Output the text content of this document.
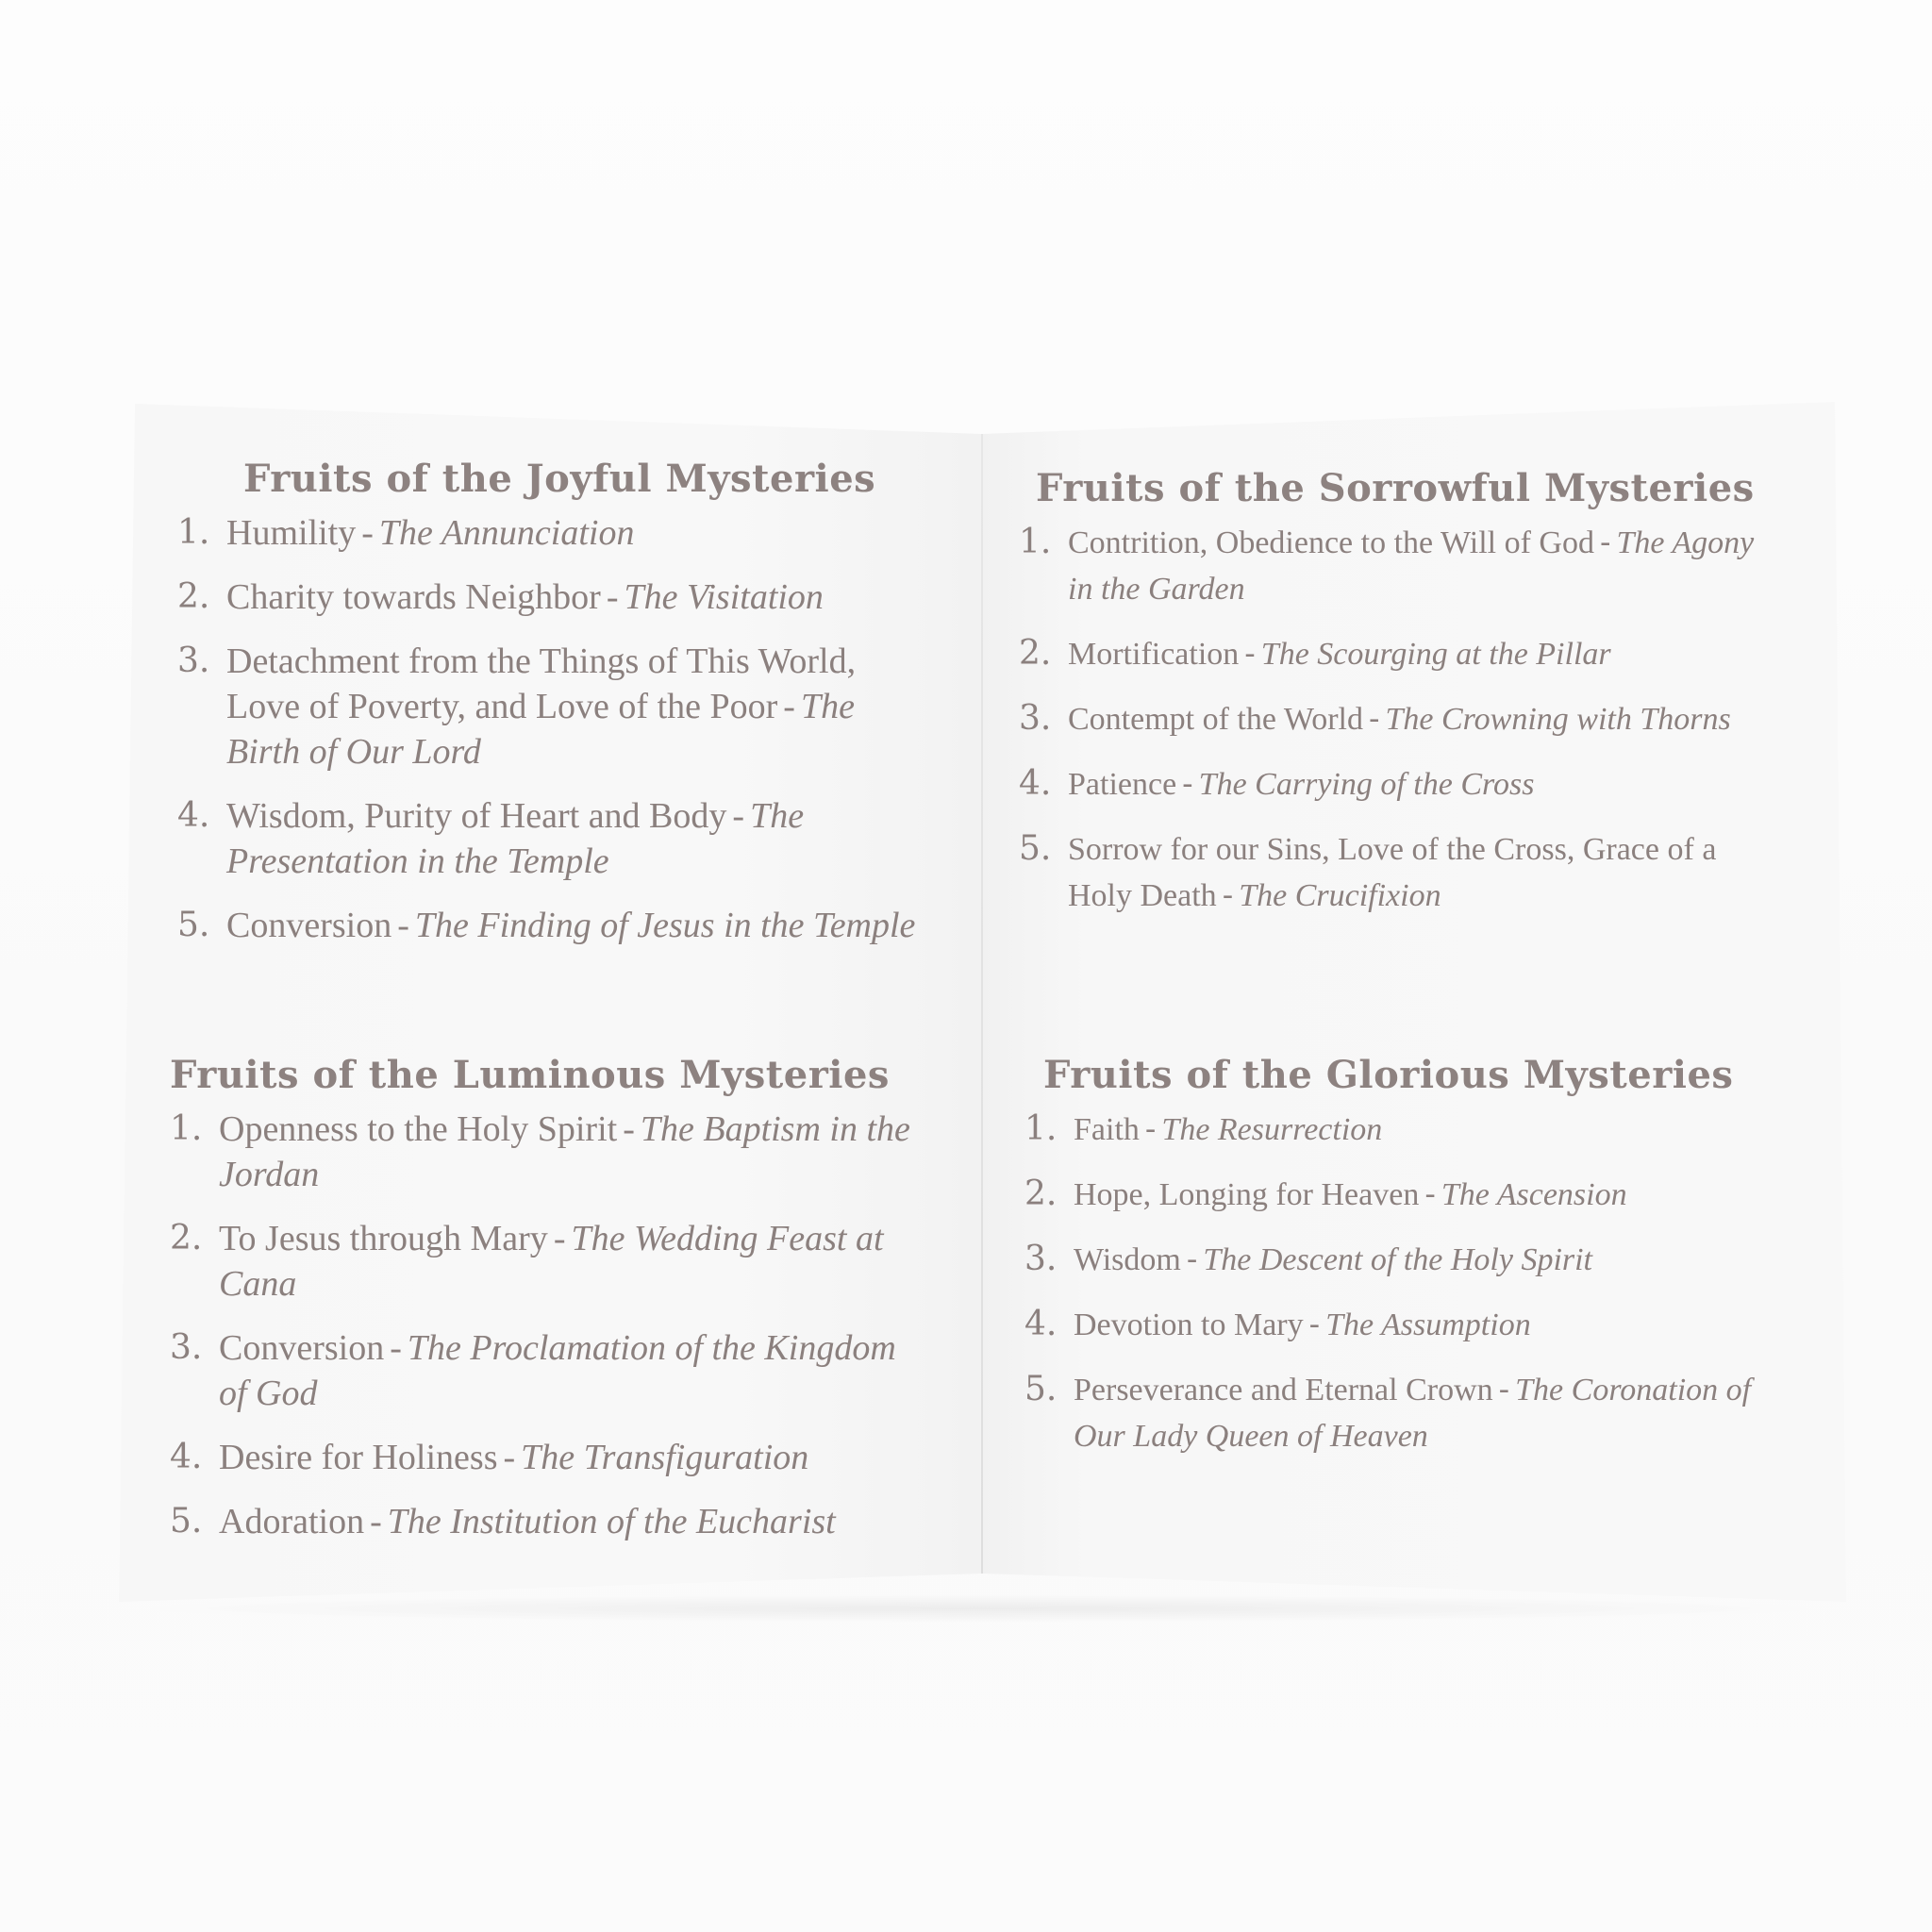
Fruits of the Joyful Mysteries
1. Humility - The Annunciation
2. Charity towards Neighbor - The Visitation
3. Detachment from the Things of This World, Love of Poverty, and Love of the Poor - The Birth of Our Lord
4. Wisdom, Purity of Heart and Body - The Presentation in the Temple
5. Conversion - The Finding of Jesus in the Temple
Fruits of the Sorrowful Mysteries
1. Contrition, Obedience to the Will of God - The Agony in the Garden
2. Mortification - The Scourging at the Pillar
3. Contempt of the World - The Crowning with Thorns
4. Patience - The Carrying of the Cross
5. Sorrow for our Sins, Love of the Cross, Grace of a Holy Death - The Crucifixion
Fruits of the Luminous Mysteries
1. Openness to the Holy Spirit - The Baptism in the Jordan
2. To Jesus through Mary - The Wedding Feast at Cana
3. Conversion - The Proclamation of the Kingdom of God
4. Desire for Holiness - The Transfiguration
5. Adoration - The Institution of the Eucharist
Fruits of the Glorious Mysteries
1. Faith - The Resurrection
2. Hope, Longing for Heaven - The Ascension
3. Wisdom - The Descent of the Holy Spirit
4. Devotion to Mary - The Assumption
5. Perseverance and Eternal Crown - The Coronation of Our Lady Queen of Heaven
